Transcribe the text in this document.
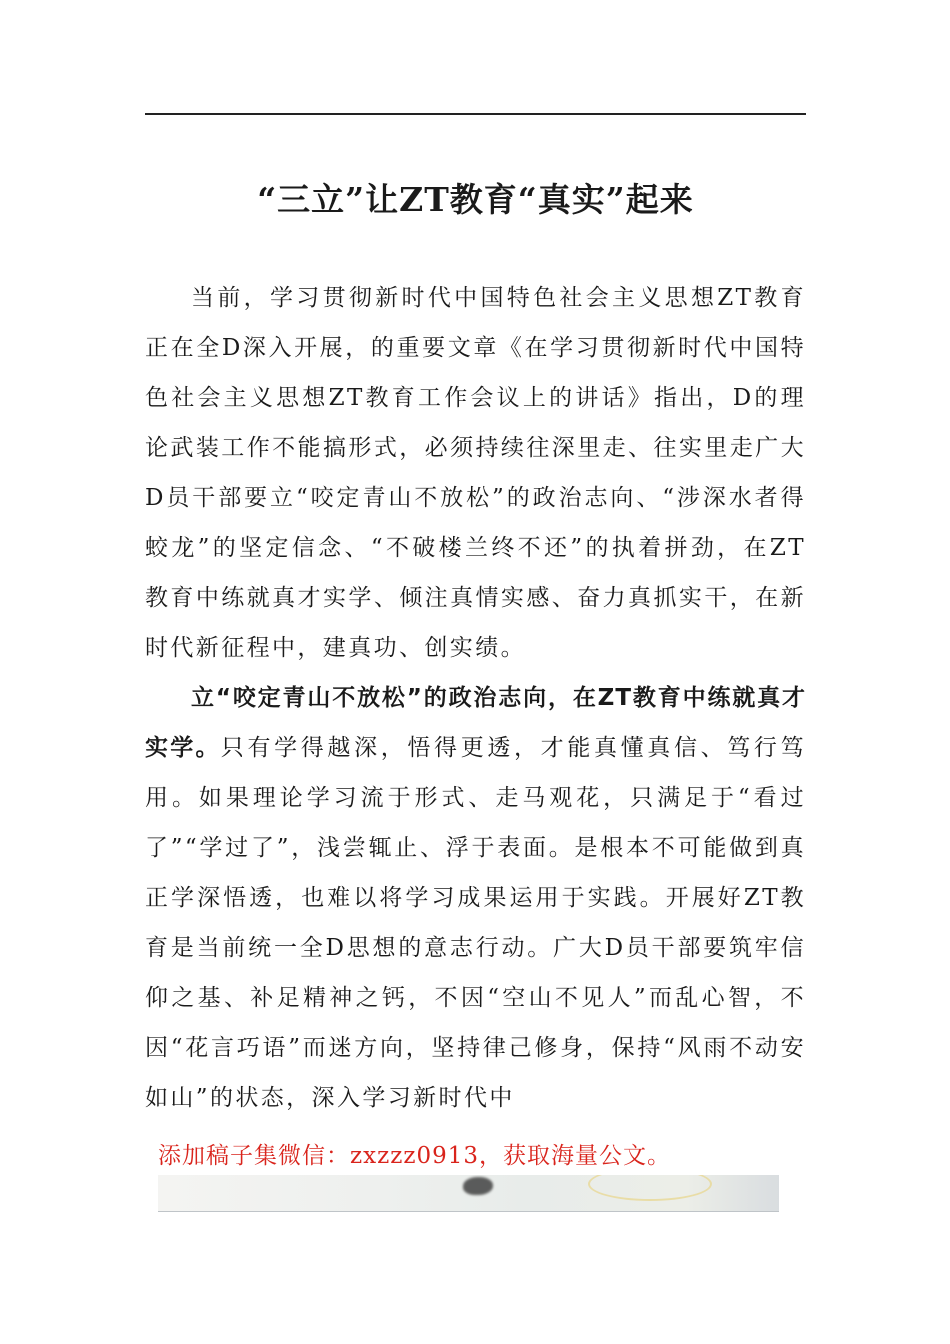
“三立”让ZT教育“真实”起来

当前，学习贯彻新时代中国特色社会主义思想ZT教育正在全D深入开展，的重要文章《在学习贯彻新时代中国特色社会主义思想ZT教育工作会议上的讲话》指出，D的理论武装工作不能搞形式，必须持续往深里走、往实里走广大D员干部要立“咬定青山不放松”的政治志向、“涉深水者得蛟龙”的坚定信念、“不破楼兰终不还”的执着拼劲，在ZT教育中练就真才实学、倾注真情实感、奋力真抓实干，在新时代新征程中，建真功、创实绩。

立“咬定青山不放松”的政治志向，在ZT教育中练就真才实学。只有学得越深，悟得更透，才能真懂真信、笃行笃用。如果理论学习流于形式、走马观花，只满足于“看过了”“学过了”，浅尝辄止、浮于表面。是根本不可能做到真正学深悟透，也难以将学习成果运用于实践。开展好ZT教育是当前统一全D思想的意志行动。广大D员干部要筑牢信仰之基、补足精神之钙，不因“空山不见人”而乱心智，不因“花言巧语”而迷方向，坚持律己修身，保持“风雨不动安如山”的状态，深入学习新时代中

添加稿子集微信：zxzzz0913，获取海量公文。
